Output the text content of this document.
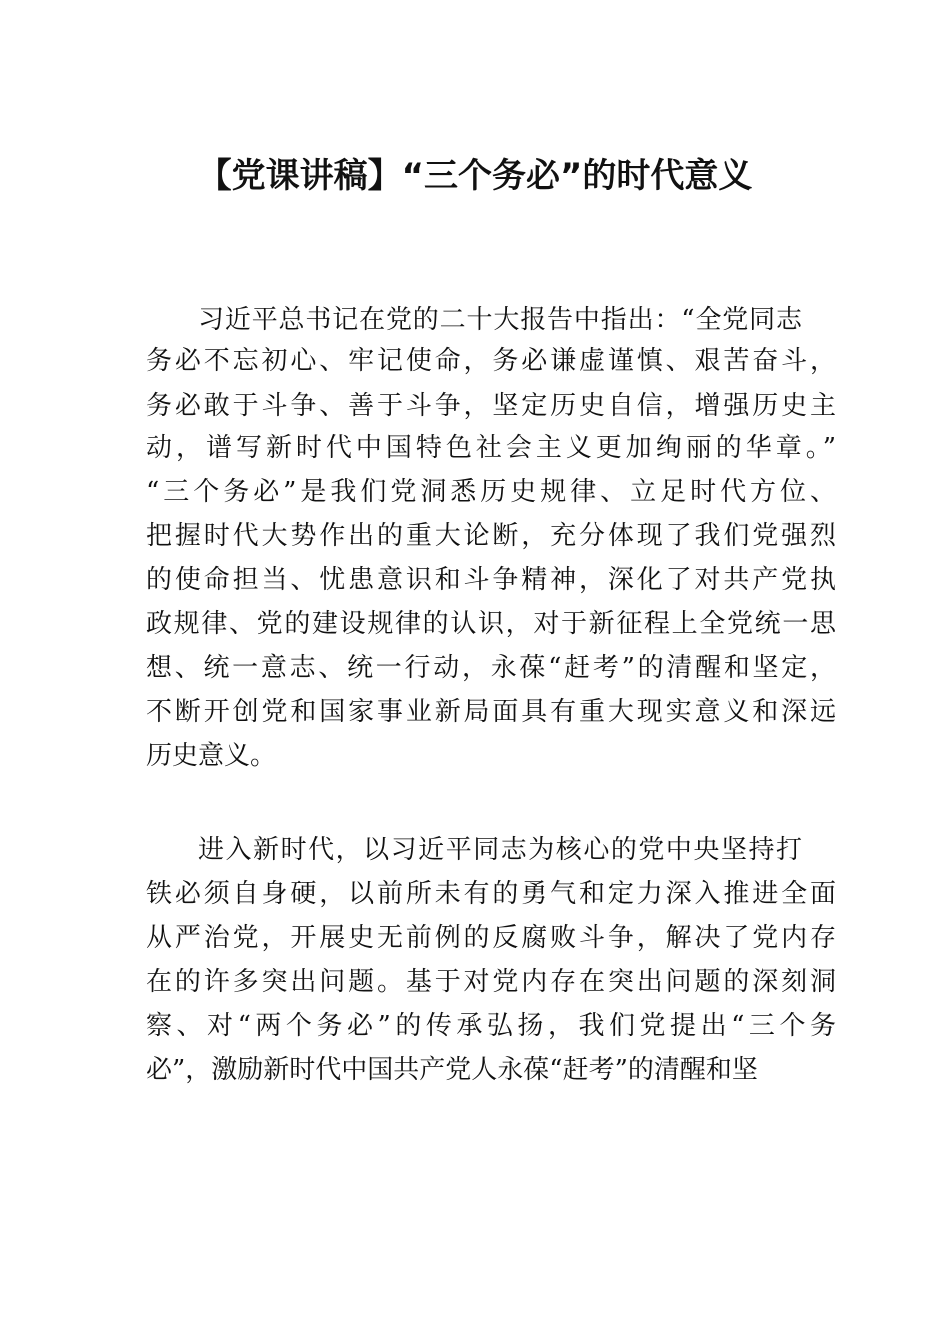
【党课讲稿】“三个务必”的时代意义

习近平总书记在党的二十大报告中指出：“全党同志

务必不忘初心、牢记使命，务必谦虚谨慎、艰苦奋斗，

务必敢于斗争、善于斗争，坚定历史自信，增强历史主

动，谱写新时代中国特色社会主义更加绚丽的华章。”

“三个务必”是我们党洞悉历史规律、立足时代方位、

把握时代大势作出的重大论断，充分体现了我们党强烈

的使命担当、忧患意识和斗争精神，深化了对共产党执

政规律、党的建设规律的认识，对于新征程上全党统一思

想、统一意志、统一行动，永葆“赶考”的清醒和坚定，

不断开创党和国家事业新局面具有重大现实意义和深远

历史意义。

进入新时代，以习近平同志为核心的党中央坚持打

铁必须自身硬，以前所未有的勇气和定力深入推进全面

从严治党，开展史无前例的反腐败斗争，解决了党内存

在的许多突出问题。基于对党内存在突出问题的深刻洞

察、对“两个务必”的传承弘扬，我们党提出“三个务

必”，激励新时代中国共产党人永葆“赶考”的清醒和坚
